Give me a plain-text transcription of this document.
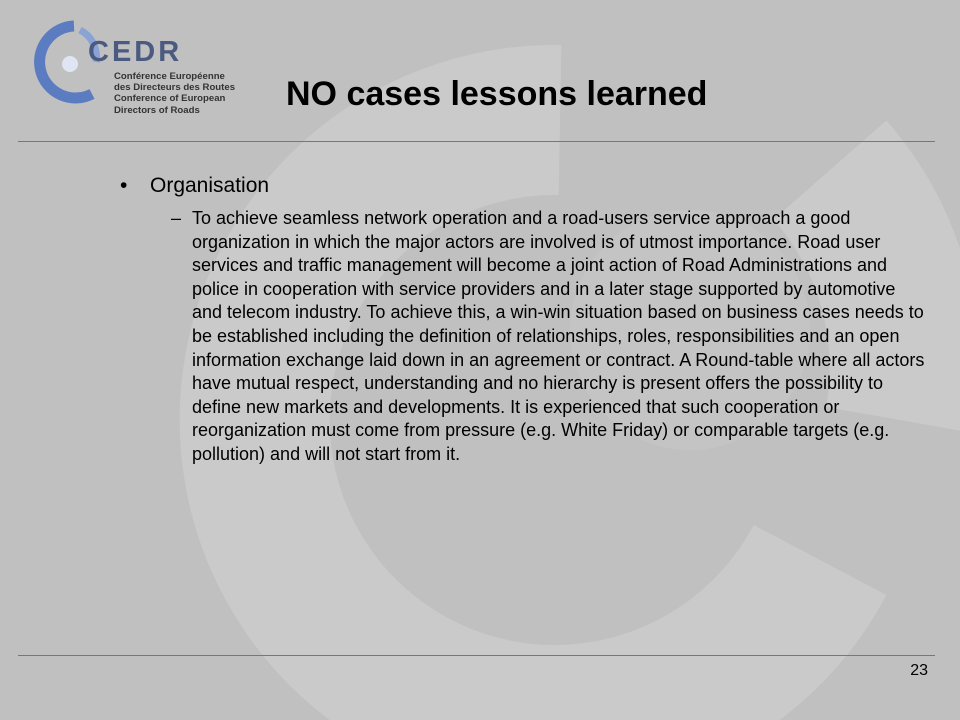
CEDR
Conférence Européenne
des Directeurs des Routes
Conference of European
Directors of Roads	NO cases lessons learned
• Organisation
– To achieve seamless network operation and a road-users service approach a good organization in which the major actors are involved is of utmost importance. Road user services and traffic management will become a joint action of Road Administrations and police in cooperation with service providers and in a later stage supported by automotive and telecom industry. To achieve this, a win-win situation based on business cases needs to be established including the definition of relationships, roles, responsibilities and an open information exchange laid down in an agreement or contract. A Round-table where all actors have mutual respect, understanding and no hierarchy is present offers the possibility to define new markets and developments. It is experienced that such cooperation or reorganization must come from pressure (e.g. White Friday) or comparable targets (e.g. pollution) and will not start from it.

23
